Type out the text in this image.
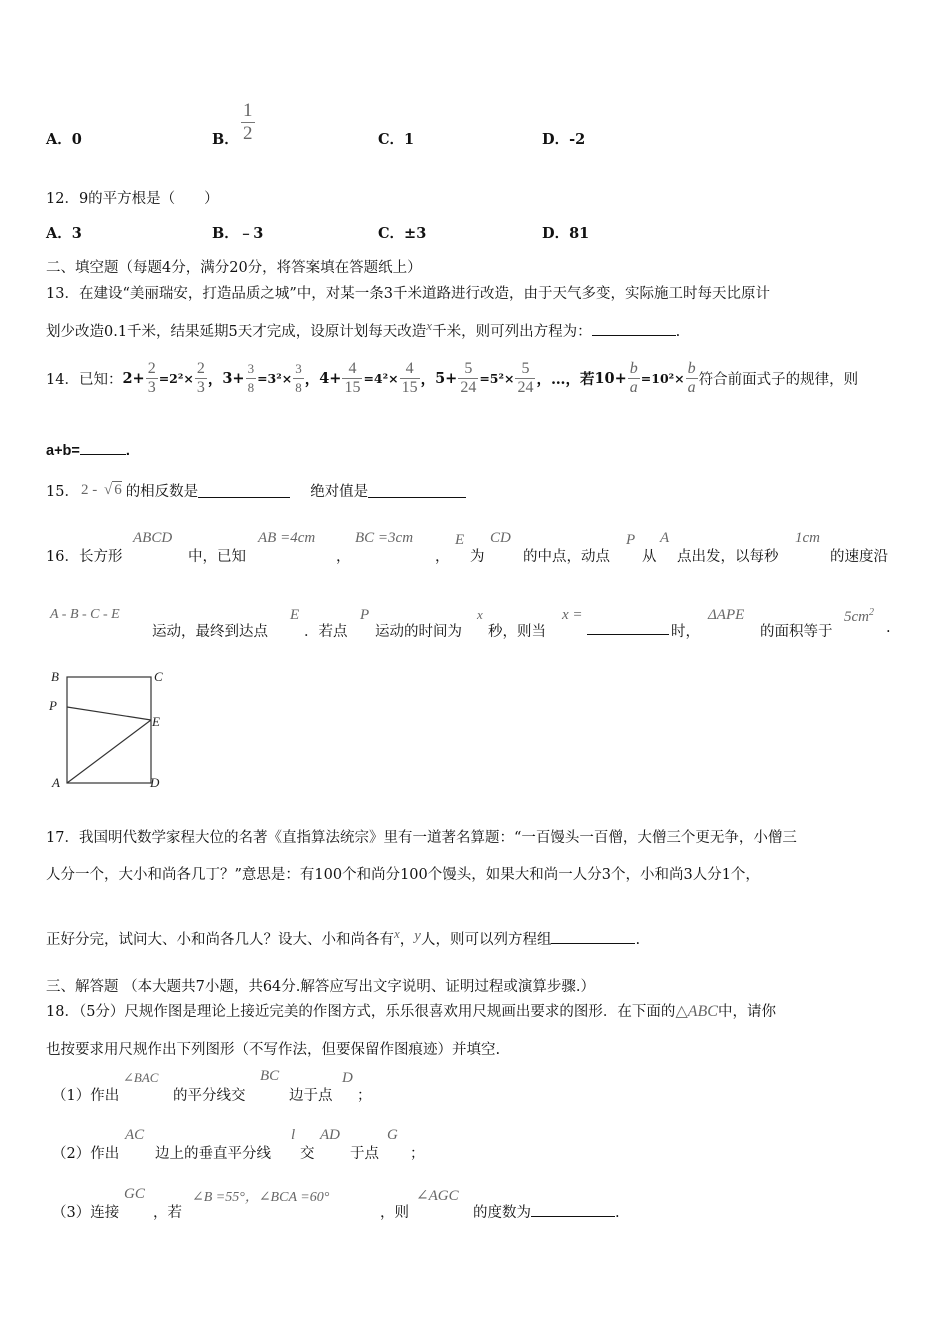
A．0	B． $\frac{1}{2}$	C．1	D．-2
12．9的平方根是（　　）
A．3	B．﹣3	C．±3	D．81
二、填空题（每题4分，满分20分，将答案填在答题纸上）
13．在建设“美丽瑞安，打造品质之城”中，对某一条3千米道路进行改造，由于天气多变，实际施工时每天比原计
划少改造0.1千米，结果延期5天才完成，设原计划每天改造x千米，则可列出方程为：	.
14．已知： $2+ \frac{2}{3} =2^2\times \frac{2}{3}$ ， $3+ \frac{3}{8} =3^2\times \frac{3}{8}$ ， $4+ \frac{4}{15} =4^2\times \frac{4}{15}$ ， $5+ \frac{5}{24} =5^2\times \frac{5}{24}$ ，…，若 $10+ \frac{b}{a} =10^2\times \frac{b}{a}$ 符合前面式子的规律，则
a+b=	.
15． 2 - √ 6 的相反数是	绝对值是
16．长方形
ABCD
中，已知
AB =4cm
，
BC =3cm
，
E
为
CD
的中点，动点
P
从
A
点出发，以每秒
1cm
的速度沿
A - B - C - E
运动，最终到达点
E
．若点
P
运动的时间为
x
秒，则当
x =
时，
ΔAPE
的面积等于
$5cm^2$
.
B	C
P
E
A	D
17．我国明代数学家程大位的名著《直指算法统宗》里有一道著名算题：“一百馒头一百僧，大僧三个更无争，小僧三
人分一个，大小和尚各几丁？”意思是：有100个和尚分100个馒头，如果大和尚一人分3个，小和尚3人分1个，
正好分完，试问大、小和尚各几人？设大、小和尚各有x，y人，则可以列方程组	.
三、解答题 （本大题共7小题，共64分.解答应写出文字说明、证明过程或演算步骤.）
18．（5分）尺规作图是理论上接近完美的作图方式，乐乐很喜欢用尺规画出要求的图形．在下面的△ABC中，请你
也按要求用尺规作出下列图形（不写作法，但要保留作图痕迹）并填空.
（1）作出
∠BAC
的平分线交
BC
边于点
D
；
（2）作出
AC
边上的垂直平分线
l
交
AD
于点
G
；
（3）连接
GC
，若
∠B =55°，∠BCA =60°
，则
∠AGC
的度数为	.
